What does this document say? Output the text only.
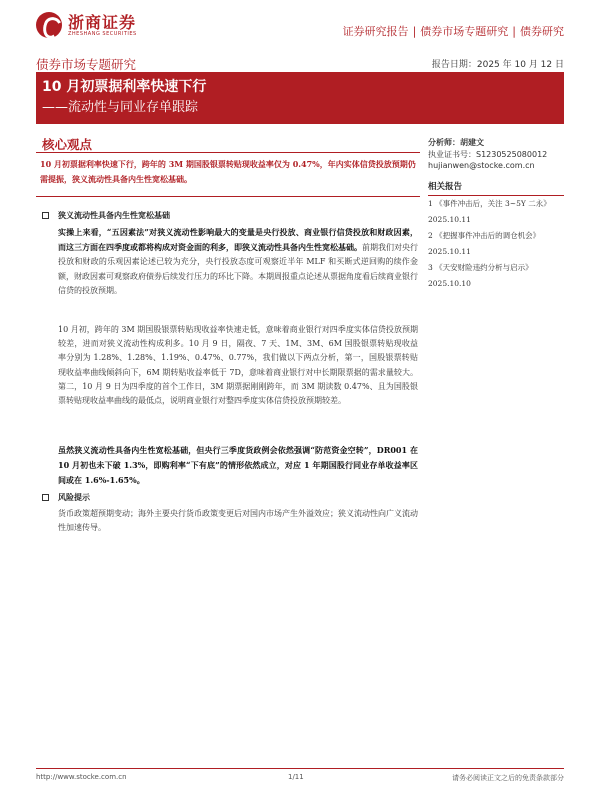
浙商证券
ZHESHANG SECURITIES	证券研究报告 | 债券市场专题研究 | 债券研究
债券市场专题研究	报告日期：2025 年 10 月 12 日
10 月初票据利率快速下行
——流动性与同业存单跟踪
核心观点
10 月初票据利率快速下行，跨年的 3M 期国股银票转贴现收益率仅为 0.47%，年内实体信贷投放预期仍需提振，狭义流动性具备内生性宽松基础。
狭义流动性具备内生性宽松基础
实操上来看，“五因素法”对狭义流动性影响最大的变量是央行投放、商业银行信贷投放和财政因素，而这三方面在四季度或都将构成对资金面的利多，即狭义流动性具备内生性宽松基础。前期我们对央行投放和财政的乐观因素论述已较为充分，央行投放态度可观察近半年 MLF 和买断式逆回购的续作金额，财政因素可观察政府债券后续发行压力的环比下降。本期周报重点论述从票据角度看后续商业银行信贷的投放预期。
10 月初，跨年的 3M 期国股银票转贴现收益率快速走低，意味着商业银行对四季度实体信贷投放预期较差，进而对狭义流动性构成利多。10 月 9 日，隔夜、7 天、1M、3M、6M 国股银票转贴现收益率分别为 1.28%、1.28%、1.19%、0.47%、0.77%，我们做以下两点分析，第一，国股银票转贴现收益率曲线倾斜向下，6M 期转贴收益率低于 7D，意味着商业银行对中长期限票据的需求量较大。第二，10 月 9 日为四季度的首个工作日，3M 期票据刚刚跨年，而 3M 期读数 0.47%、且为国股银票转贴现收益率曲线的最低点，说明商业银行对整四季度实体信贷投放预期较差。
虽然狭义流动性具备内生性宽松基础，但央行三季度货政例会依然强调“防范资金空转”，DR001 在 10 月初也未下破 1.3%，即购利率“下有底”的情形依然成立，对应 1 年期国股行同业存单收益率区间或在 1.6%-1.65%。
风险提示
货币政策超预期变动；海外主要央行货币政策变更后对国内市场产生外溢效应；狭义流动性向广义流动性加速传导。
分析师：胡建文
执业证书号：S1230525080012
hujianwen@stocke.com.cn
相关报告
1 《事件冲击后，关注 3~5Y 二永》 2025.10.11
2 《把握事件冲击后的调仓机会》 2025.10.11
3 《天安财险违约分析与启示》 2025.10.10
http://www.stocke.com.cn	1/11	请务必阅读正文之后的免责条款部分
